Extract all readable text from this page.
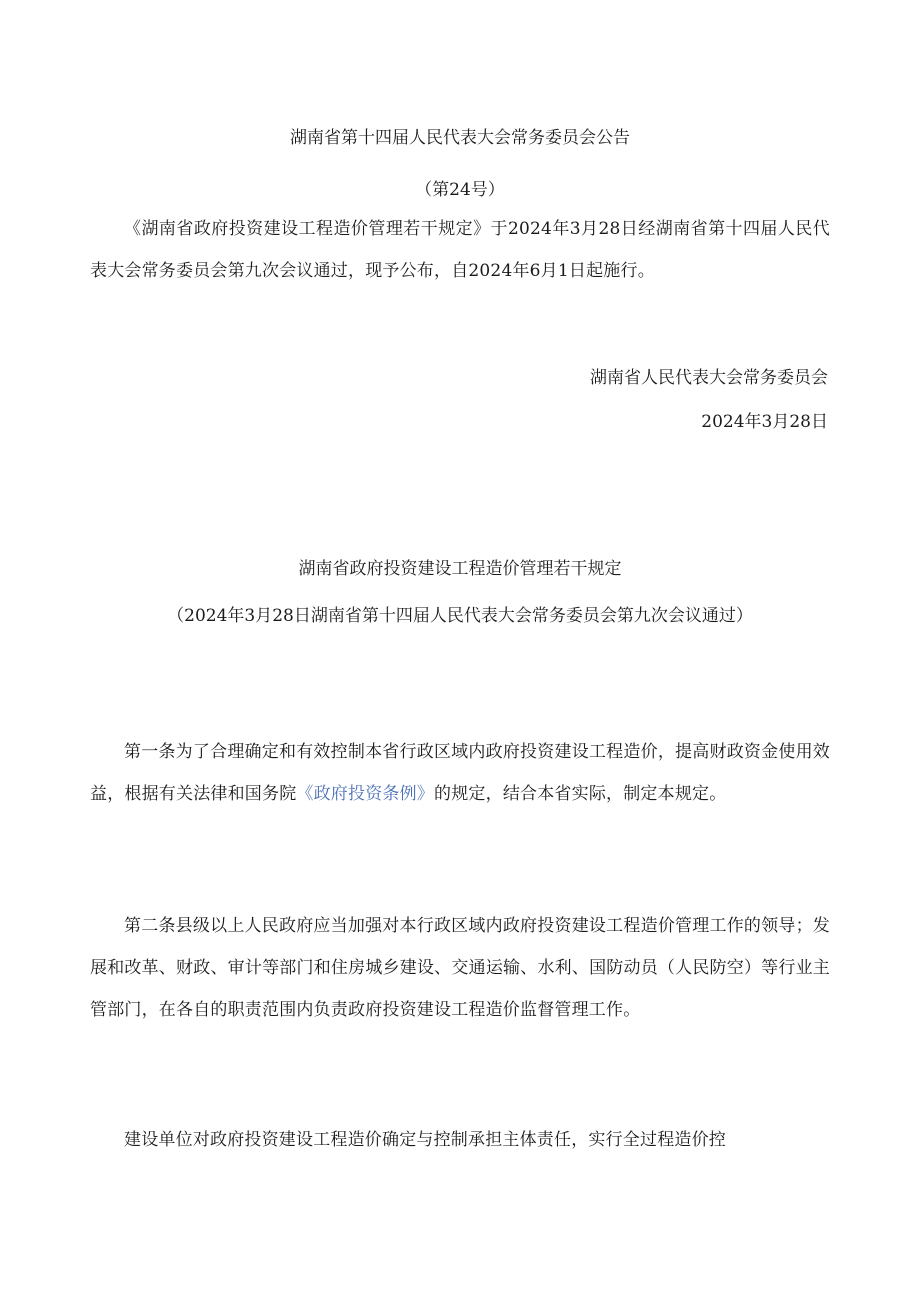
湖南省第十四届人民代表大会常务委员会公告
（第24号）
《湖南省政府投资建设工程造价管理若干规定》于2024年3月28日经湖南省第十四届人民代表大会常务委员会第九次会议通过，现予公布，自2024年6月1日起施行。
湖南省人民代表大会常务委员会
2024年3月28日
湖南省政府投资建设工程造价管理若干规定
（2024年3月28日湖南省第十四届人民代表大会常务委员会第九次会议通过）
第一条为了合理确定和有效控制本省行政区域内政府投资建设工程造价，提高财政资金使用效益，根据有关法律和国务院《政府投资条例》的规定，结合本省实际，制定本规定。
第二条县级以上人民政府应当加强对本行政区域内政府投资建设工程造价管理工作的领导；发展和改革、财政、审计等部门和住房城乡建设、交通运输、水利、国防动员（人民防空）等行业主管部门，在各自的职责范围内负责政府投资建设工程造价监督管理工作。
建设单位对政府投资建设工程造价确定与控制承担主体责任，实行全过程造价控
